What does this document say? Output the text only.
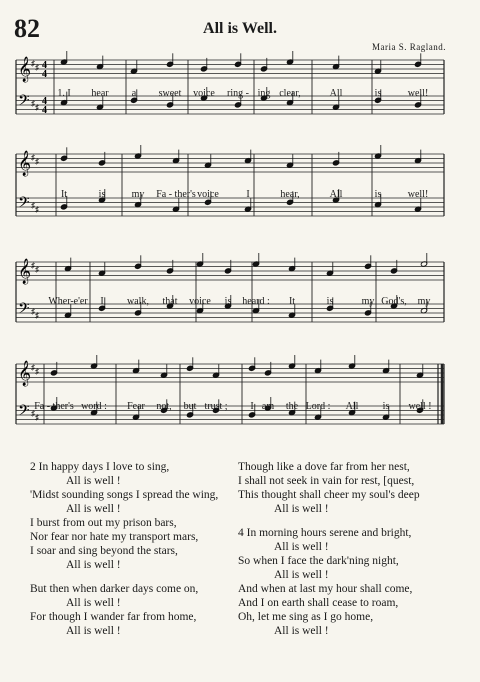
82	All is Well.
Maria S. Ragland.
𝄞
𝄢
♯ ♯
♯ ♯
4
4
4
4
1. I hear a sweet voice ring - ing clear,	All	is	well!
𝄞
𝄢
♯ ♯
♯ ♯
It	is	my Fa - ther's voice	I	hear,	All	is	well!
𝄞
𝄢
♯ ♯
♯ ♯
Wher-e'er I walk, that voice is heard : It	is	my God's, my
𝄞
𝄢
♯ ♯
♯ ♯
Fa - ther's word : Fear not, but trust ; I am the Lord : All is well !
2 In happy days I love to sing,
All is well !
'Midst sounding songs I spread the wing,
All is well !
I burst from out my prison bars,
Nor fear nor hate my transport mars,
I soar and sing beyond the stars,
All is well !
But then when darker days come on,
All is well !
For though I wander far from home,
All is well !
Though like a dove far from her nest,
I shall not seek in vain for rest, [quest,
This thought shall cheer my soul's deep
All is well !
4 In morning hours serene and bright,
All is well !
So when I face the dark'ning night,
All is well !
And when at last my hour shall come,
And I on earth shall cease to roam,
Oh, let me sing as I go home,
All is well !
